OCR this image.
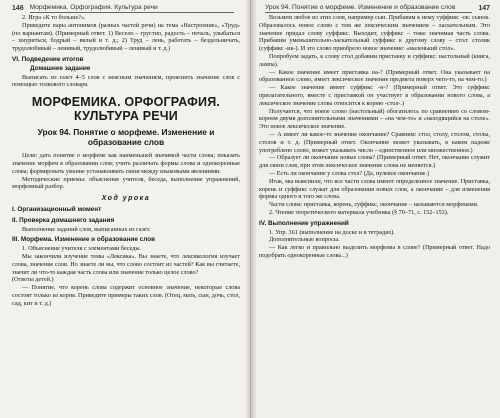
146 Морфемика. Орфография. Культура речи

2. Игра «К то больше?».

Приведите пары антонимов (разных частей речи) на тема «Настроение», «Труд» (по вариантам). (Примерный ответ. 1) Весело – грустно, радость – печаль, улыбаться – хмуриться, бодрый – вялый и т. д.; 2) Труд – лень, работать – бездельничать, трудолюбивый – ленивый, трудолюбивый – ленивый и т. д.)

VI. Подведение итогов
Домашнее задание

Выписать из газет 4–5 слов с неясным значением, прояснить значение слов с помощью толкового словаря.

МОРФЕМИКА. ОРФОГРАФИЯ. КУЛЬТУРА РЕЧИ
Урок 94. Понятие о морфеме. Изменение и образование слов

Цели: дать понятие о морфеме как наименьшей значимой части слова; показать значение морфем в образовании слов; учить различать формы слова и однокоренные слова; формировать умение устанавливать связи между языковыми явлениями.

Методические приемы: объяснение учителя, беседа, выполнение упражнений, морфемный разбор.

Ход урока
I. Организационный момент
II. Проверка домашнего задания

Выполнение заданий слов, выписанных из газет.

III. Морфема. Изменение и образование слов

1. Объяснение учителя с элементами беседы.

Мы закончили изучение темы «Лексика». Вы знаете, что лексикология изучает слова, значение слов. Но знаете ли вы, что слово состоит из частей? Как вы считаете, значит ли что-то каждая часть слова или значение только целое слово?

(Ответы детей.)

— Понятие, что корень слова содержит основное значение, некоторые слова состоят только из корня. Приведите примеры таких слов. (Отец, мать, сын, дочь, стол, сад, кит и т. д.)

Урок 94. Понятие о морфеме. Изменение и образование слов	147

Возьмем любое из этих слов, например сын. Прибавим к нему суффикс -ок: сынок. Образовалось новое слово с тем же лексическим значением – ласкательным. Это значение придал слову суффикс. Выходит, суффикс – тоже значимая часть слова. Прибавим уменьшительно-ласкательный суффикс к другому слову – стол: столик (суффикс -ик-). И это слово приобрело новое значение: «маленький стол».

Попробуем задать, к слову стол добавим приставку и суффикс: настольный (книга, лампа).

— Какое значение имеет приставка на-? (Примерный ответ. Она указывает на образованное слово, имеет лексическое значение предмета поверх чего-то, на чем-то.)

— Какое значение имеет суффикс -н-? (Примерный ответ. Это суффикс прилагательного, вместе с приставкой он участвует в образовании нового слова, а лексическое значение слова относится к корню -стол-.)

Получается, что новое слово (настольный) обогатилось по сравнению со словом-корнем двумя дополнительными значениями – «на чем-то» и «находящийся на столе». Это новое лексическое значение.

— А имеет ли какое-то значение окончание? Сравним: стол, столу, столом, столы, столов и т. д. (Примерный ответ. Окончание может указывать, в каком падеже употреблено слово, может указывать число – единственное или множественное.)

— Образует ли окончание новые слова? (Примерный ответ. Нет, окончание служит для связи слов, при этом лексическое значение слова не меняется.)

— Есть ли окончание у слова стол? (Да, нулевое окончание.)

Итак, мы выяснили, что все части слова имеют определенное значение. Приставка, корень и суффикс служат для образования новых слов, а окончание – для изменения формы одного и того же слова.

Части слова: приставка, корень, суффикс, окончание – называются морфемами.

2. Чтение теоретического материала учебника (§ 70–71, с. 152–153).

IV. Выполнение упражнений

1. Упр. 361 (выполнение на доске и в тетрадях).

Дополнительные вопросы.

— Как легко и правильно выделить морфемы в слове? (Примерный ответ. Надо подобрать однокоренные слова...)
